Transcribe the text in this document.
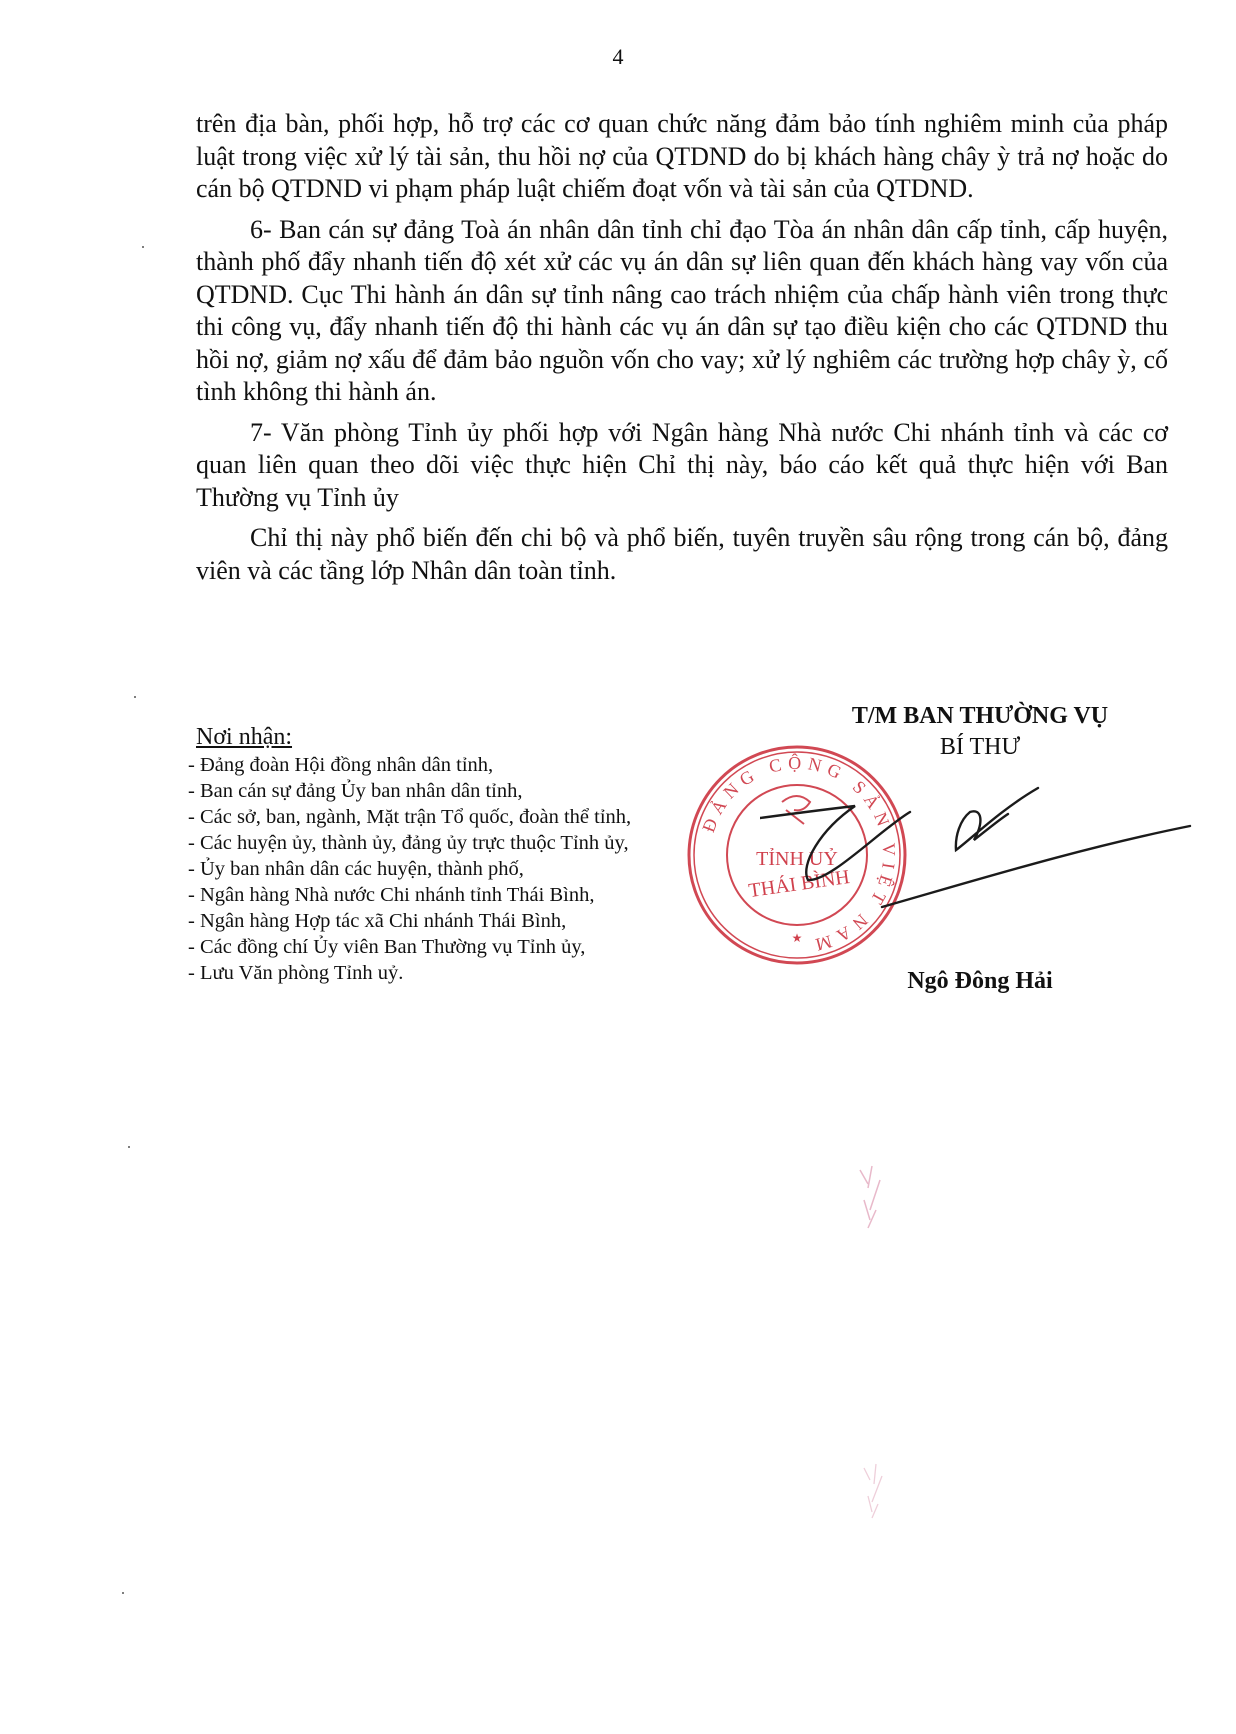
4

trên địa bàn, phối hợp, hỗ trợ các cơ quan chức năng đảm bảo tính nghiêm minh của pháp luật trong việc xử lý tài sản, thu hồi nợ của QTDND do bị khách hàng chây ỳ trả nợ hoặc do cán bộ QTDND vi phạm pháp luật chiếm đoạt vốn và tài sản của QTDND.

6- Ban cán sự đảng Toà án nhân dân tỉnh chỉ đạo Tòa án nhân dân cấp tỉnh, cấp huyện, thành phố đẩy nhanh tiến độ xét xử các vụ án dân sự liên quan đến khách hàng vay vốn của QTDND. Cục Thi hành án dân sự tỉnh nâng cao trách nhiệm của chấp hành viên trong thực thi công vụ, đẩy nhanh tiến độ thi hành các vụ án dân sự tạo điều kiện cho các QTDND thu hồi nợ, giảm nợ xấu để đảm bảo nguồn vốn cho vay; xử lý nghiêm các trường hợp chây ỳ, cố tình không thi hành án.

7- Văn phòng Tỉnh ủy phối hợp với Ngân hàng Nhà nước Chi nhánh tỉnh và các cơ quan liên quan theo dõi việc thực hiện Chỉ thị này, báo cáo kết quả thực hiện với Ban Thường vụ Tỉnh ủy

Chỉ thị này phổ biến đến chi bộ và phổ biến, tuyên truyền sâu rộng trong cán bộ, đảng viên và các tầng lớp Nhân dân toàn tỉnh.

Nơi nhận:
- Đảng đoàn Hội đồng nhân dân tỉnh,
- Ban cán sự đảng Ủy ban nhân dân tỉnh,
- Các sở, ban, ngành, Mặt trận Tổ quốc, đoàn thể tỉnh,
- Các huyện ủy, thành ủy, đảng ủy trực thuộc Tỉnh ủy,
- Ủy ban nhân dân các huyện, thành phố,
- Ngân hàng Nhà nước Chi nhánh tỉnh Thái Bình,
- Ngân hàng Hợp tác xã Chi nhánh Thái Bình,
- Các đồng chí Ủy viên Ban Thường vụ Tỉnh ủy,
- Lưu Văn phòng Tỉnh uỷ.
T/M BAN THƯỜNG VỤ
BÍ THƯ
ĐẢNG CỘNG SẢN VIỆT NAM
TỈNH UỶ
THÁI BÌNH
★
Ngô Đông Hải
